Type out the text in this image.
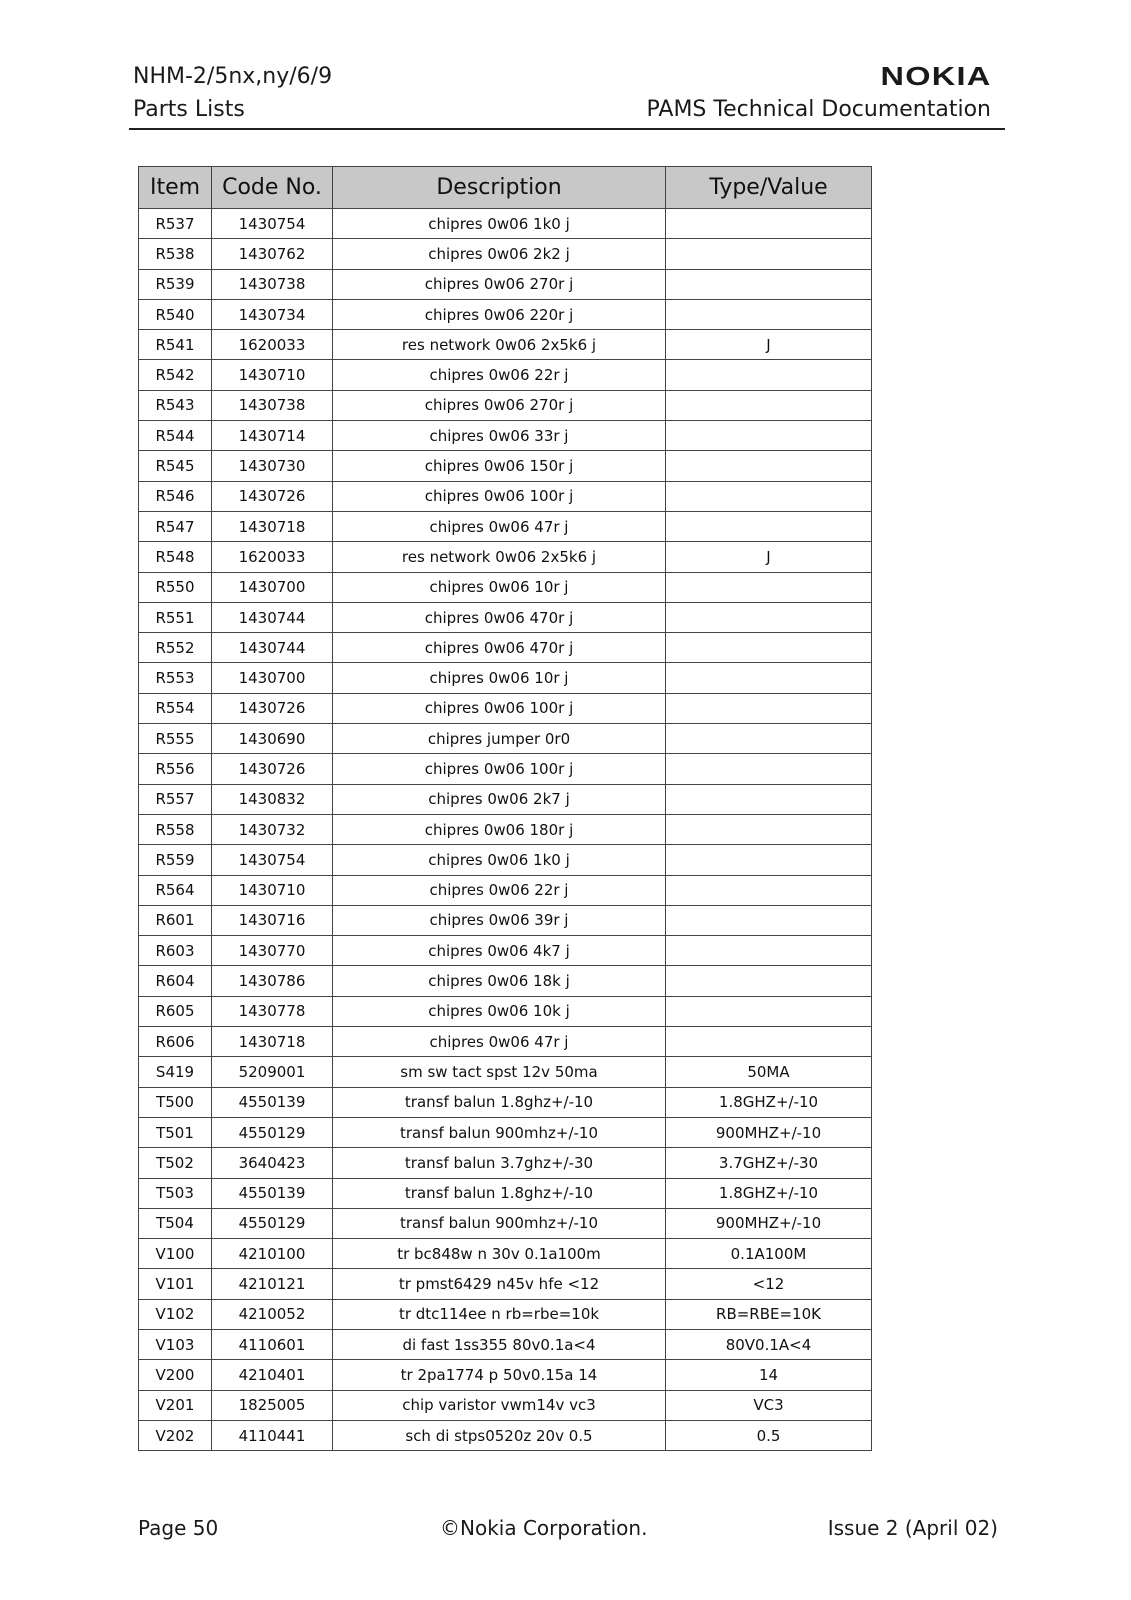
NHM-2/5nx,ny/6/9
Parts Lists
NOKIA
PAMS Technical Documentation
Item	Code No.	Description	Type/Value
R537	1430754	chipres 0w06 1k0 j	
R538	1430762	chipres 0w06 2k2 j	
R539	1430738	chipres 0w06 270r j	
R540	1430734	chipres 0w06 220r j	
R541	1620033	res network 0w06 2x5k6 j	J
R542	1430710	chipres 0w06 22r j	
R543	1430738	chipres 0w06 270r j	
R544	1430714	chipres 0w06 33r j	
R545	1430730	chipres 0w06 150r j	
R546	1430726	chipres 0w06 100r j	
R547	1430718	chipres 0w06 47r j	
R548	1620033	res network 0w06 2x5k6 j	J
R550	1430700	chipres 0w06 10r j	
R551	1430744	chipres 0w06 470r j	
R552	1430744	chipres 0w06 470r j	
R553	1430700	chipres 0w06 10r j	
R554	1430726	chipres 0w06 100r j	
R555	1430690	chipres jumper 0r0	
R556	1430726	chipres 0w06 100r j	
R557	1430832	chipres 0w06 2k7 j	
R558	1430732	chipres 0w06 180r j	
R559	1430754	chipres 0w06 1k0 j	
R564	1430710	chipres 0w06 22r j	
R601	1430716	chipres 0w06 39r j	
R603	1430770	chipres 0w06 4k7 j	
R604	1430786	chipres 0w06 18k j	
R605	1430778	chipres 0w06 10k j	
R606	1430718	chipres 0w06 47r j	
S419	5209001	sm sw tact spst 12v 50ma	50MA
T500	4550139	transf balun 1.8ghz+/-10	1.8GHZ+/-10
T501	4550129	transf balun 900mhz+/-10	900MHZ+/-10
T502	3640423	transf balun 3.7ghz+/-30	3.7GHZ+/-30
T503	4550139	transf balun 1.8ghz+/-10	1.8GHZ+/-10
T504	4550129	transf balun 900mhz+/-10	900MHZ+/-10
V100	4210100	tr bc848w n 30v 0.1a100m	0.1A100M
V101	4210121	tr pmst6429 n45v hfe <12	<12
V102	4210052	tr dtc114ee n rb=rbe=10k	RB=RBE=10K
V103	4110601	di fast 1ss355 80v0.1a<4	80V0.1A<4
V200	4210401	tr 2pa1774 p 50v0.15a 14	14
V201	1825005	chip varistor vwm14v vc3	VC3
V202	4110441	sch di stps0520z 20v 0.5	0.5
Page 50	©Nokia Corporation.	Issue 2 (April 02)
